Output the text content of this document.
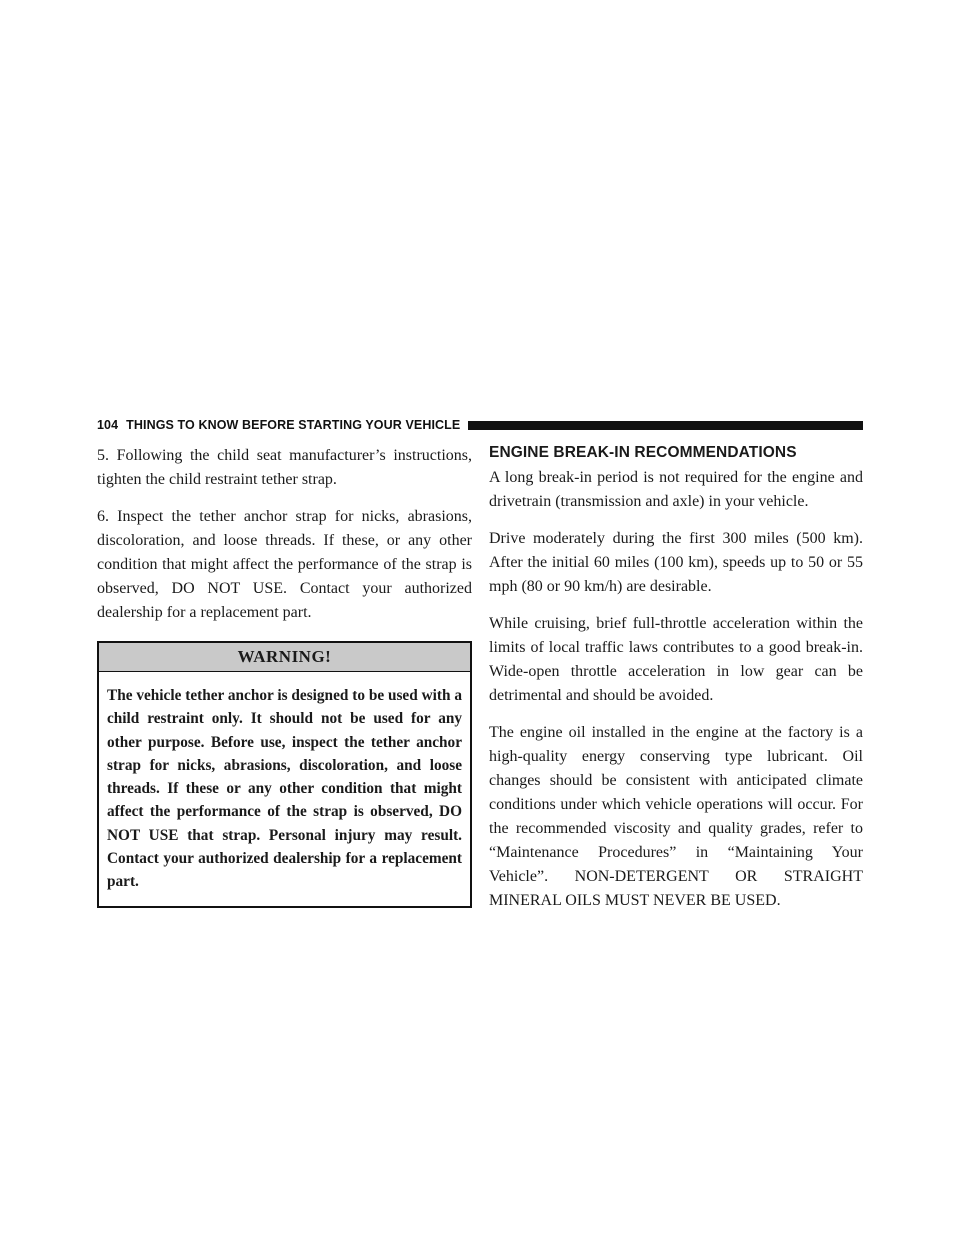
104 THINGS TO KNOW BEFORE STARTING YOUR VEHICLE

5. Following the child seat manufacturer’s instructions, tighten the child restraint tether strap.

6. Inspect the tether anchor strap for nicks, abrasions, discoloration, and loose threads. If these, or any other condition that might affect the performance of the strap is observed, DO NOT USE. Contact your authorized dealership for a replacement part.

WARNING!
The vehicle tether anchor is designed to be used with a child restraint only. It should not be used for any other purpose. Before use, inspect the tether anchor strap for nicks, abrasions, discoloration, and loose threads. If these or any other condition that might affect the performance of the strap is observed, DO NOT USE that strap. Personal injury may result. Contact your authorized dealership for a replacement part.
ENGINE BREAK-IN RECOMMENDATIONS

A long break-in period is not required for the engine and drivetrain (transmission and axle) in your vehicle.

Drive moderately during the first 300 miles (500 km). After the initial 60 miles (100 km), speeds up to 50 or 55 mph (80 or 90 km/h) are desirable.

While cruising, brief full-throttle acceleration within the limits of local traffic laws contributes to a good break-in. Wide-open throttle acceleration in low gear can be detrimental and should be avoided.

The engine oil installed in the engine at the factory is a high-quality energy conserving type lubricant. Oil changes should be consistent with anticipated climate conditions under which vehicle operations will occur. For the recommended viscosity and quality grades, refer to “Maintenance Procedures” in “Maintaining Your Vehicle”. NON-DETERGENT OR STRAIGHT MINERAL OILS MUST NEVER BE USED.
